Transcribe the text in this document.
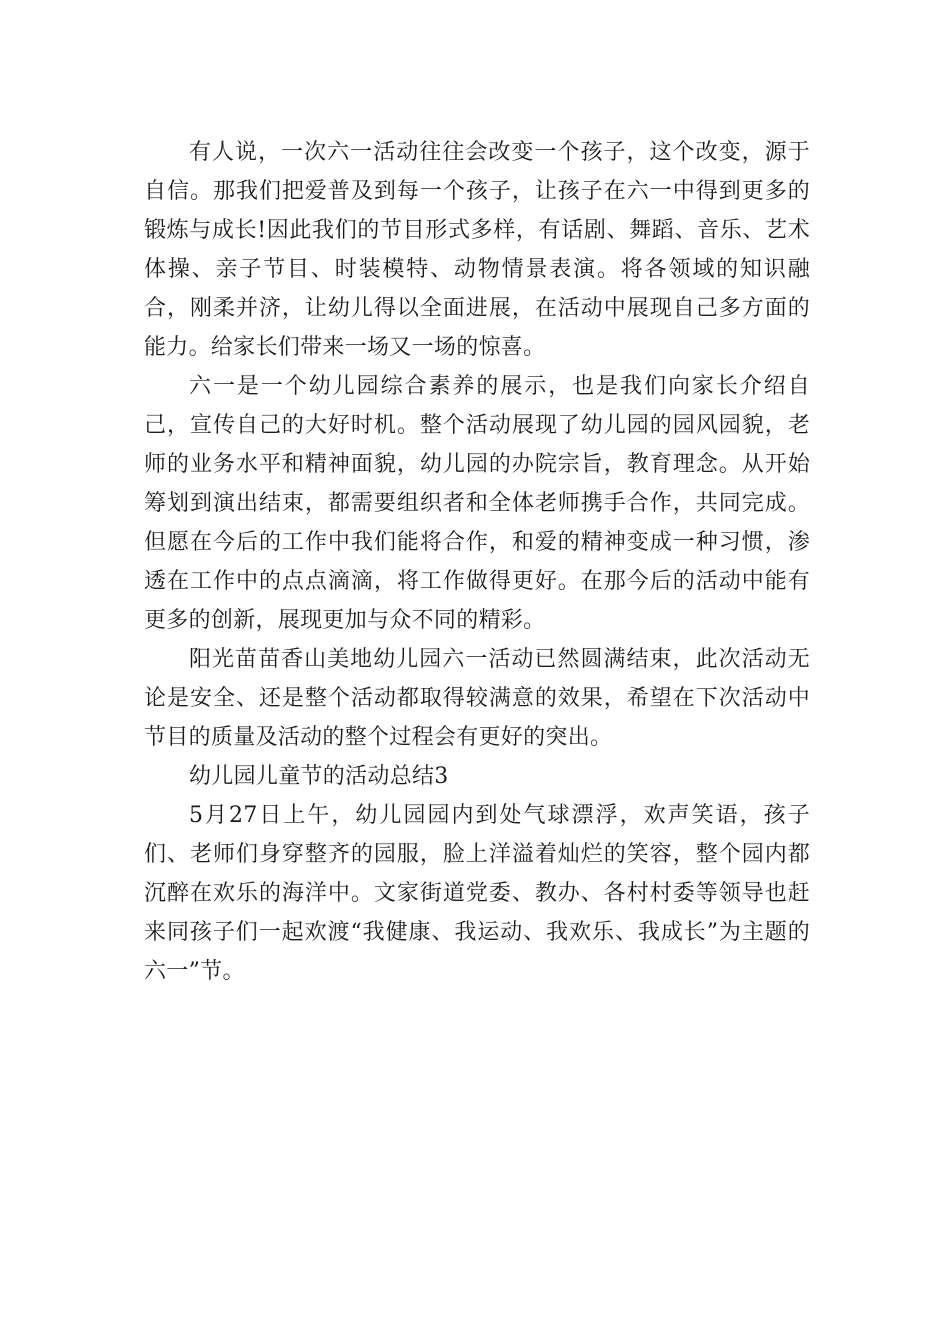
有人说，一次六一活动往往会改变一个孩子，这个改变，源于自信。那我们把爱普及到每一个孩子，让孩子在六一中得到更多的锻炼与成长!因此我们的节目形式多样，有话剧、舞蹈、音乐、艺术体操、亲子节目、时装模特、动物情景表演。将各领域的知识融合，刚柔并济，让幼儿得以全面进展，在活动中展现自己多方面的能力。给家长们带来一场又一场的惊喜。

六一是一个幼儿园综合素养的展示，也是我们向家长介绍自己，宣传自己的大好时机。整个活动展现了幼儿园的园风园貌，老师的业务水平和精神面貌，幼儿园的办院宗旨，教育理念。从开始筹划到演出结束，都需要组织者和全体老师携手合作，共同完成。但愿在今后的工作中我们能将合作，和爱的精神变成一种习惯，渗透在工作中的点点滴滴，将工作做得更好。在那今后的活动中能有更多的创新，展现更加与众不同的精彩。

阳光苗苗香山美地幼儿园六一活动已然圆满结束，此次活动无论是安全、还是整个活动都取得较满意的效果，希望在下次活动中节目的质量及活动的整个过程会有更好的突出。

幼儿园儿童节的活动总结3

5月27日上午，幼儿园园内到处气球漂浮，欢声笑语，孩子们、老师们身穿整齐的园服，脸上洋溢着灿烂的笑容，整个园内都沉醉在欢乐的海洋中。文家街道党委、教办、各村村委等领导也赶来同孩子们一起欢渡“我健康、我运动、我欢乐、我成长”为主题的六一”节。
